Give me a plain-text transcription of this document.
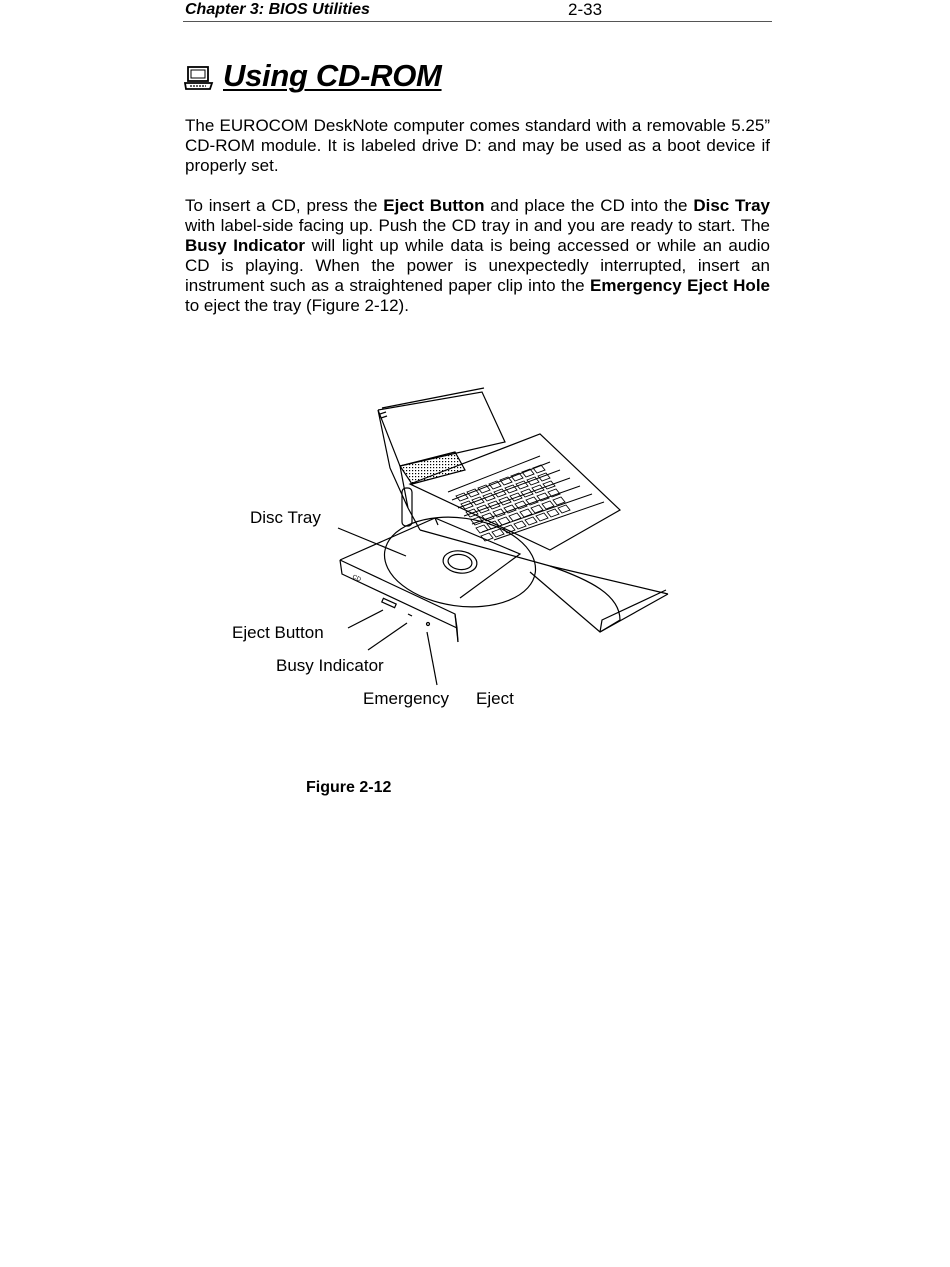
Chapter 3: BIOS Utilities	2-33
Using CD-ROM

The EUROCOM DeskNote computer comes standard with a removable 5.25” CD-ROM module. It is labeled drive D: and may be used as a boot device if properly set.

To insert a CD, press the Eject Button and place the CD into the Disc Tray with label-side facing up. Push the CD tray in and you are ready to start. The Busy Indicator will light up while data is being accessed or while an audio CD is playing. When the power is unexpectedly interrupted, insert an instrument such as a straightened paper clip into the Emergency Eject Hole to eject the tray (Figure 2-12).

CD
Disc Tray
Eject Button
Busy Indicator
Emergency Eject
Figure 2-12
